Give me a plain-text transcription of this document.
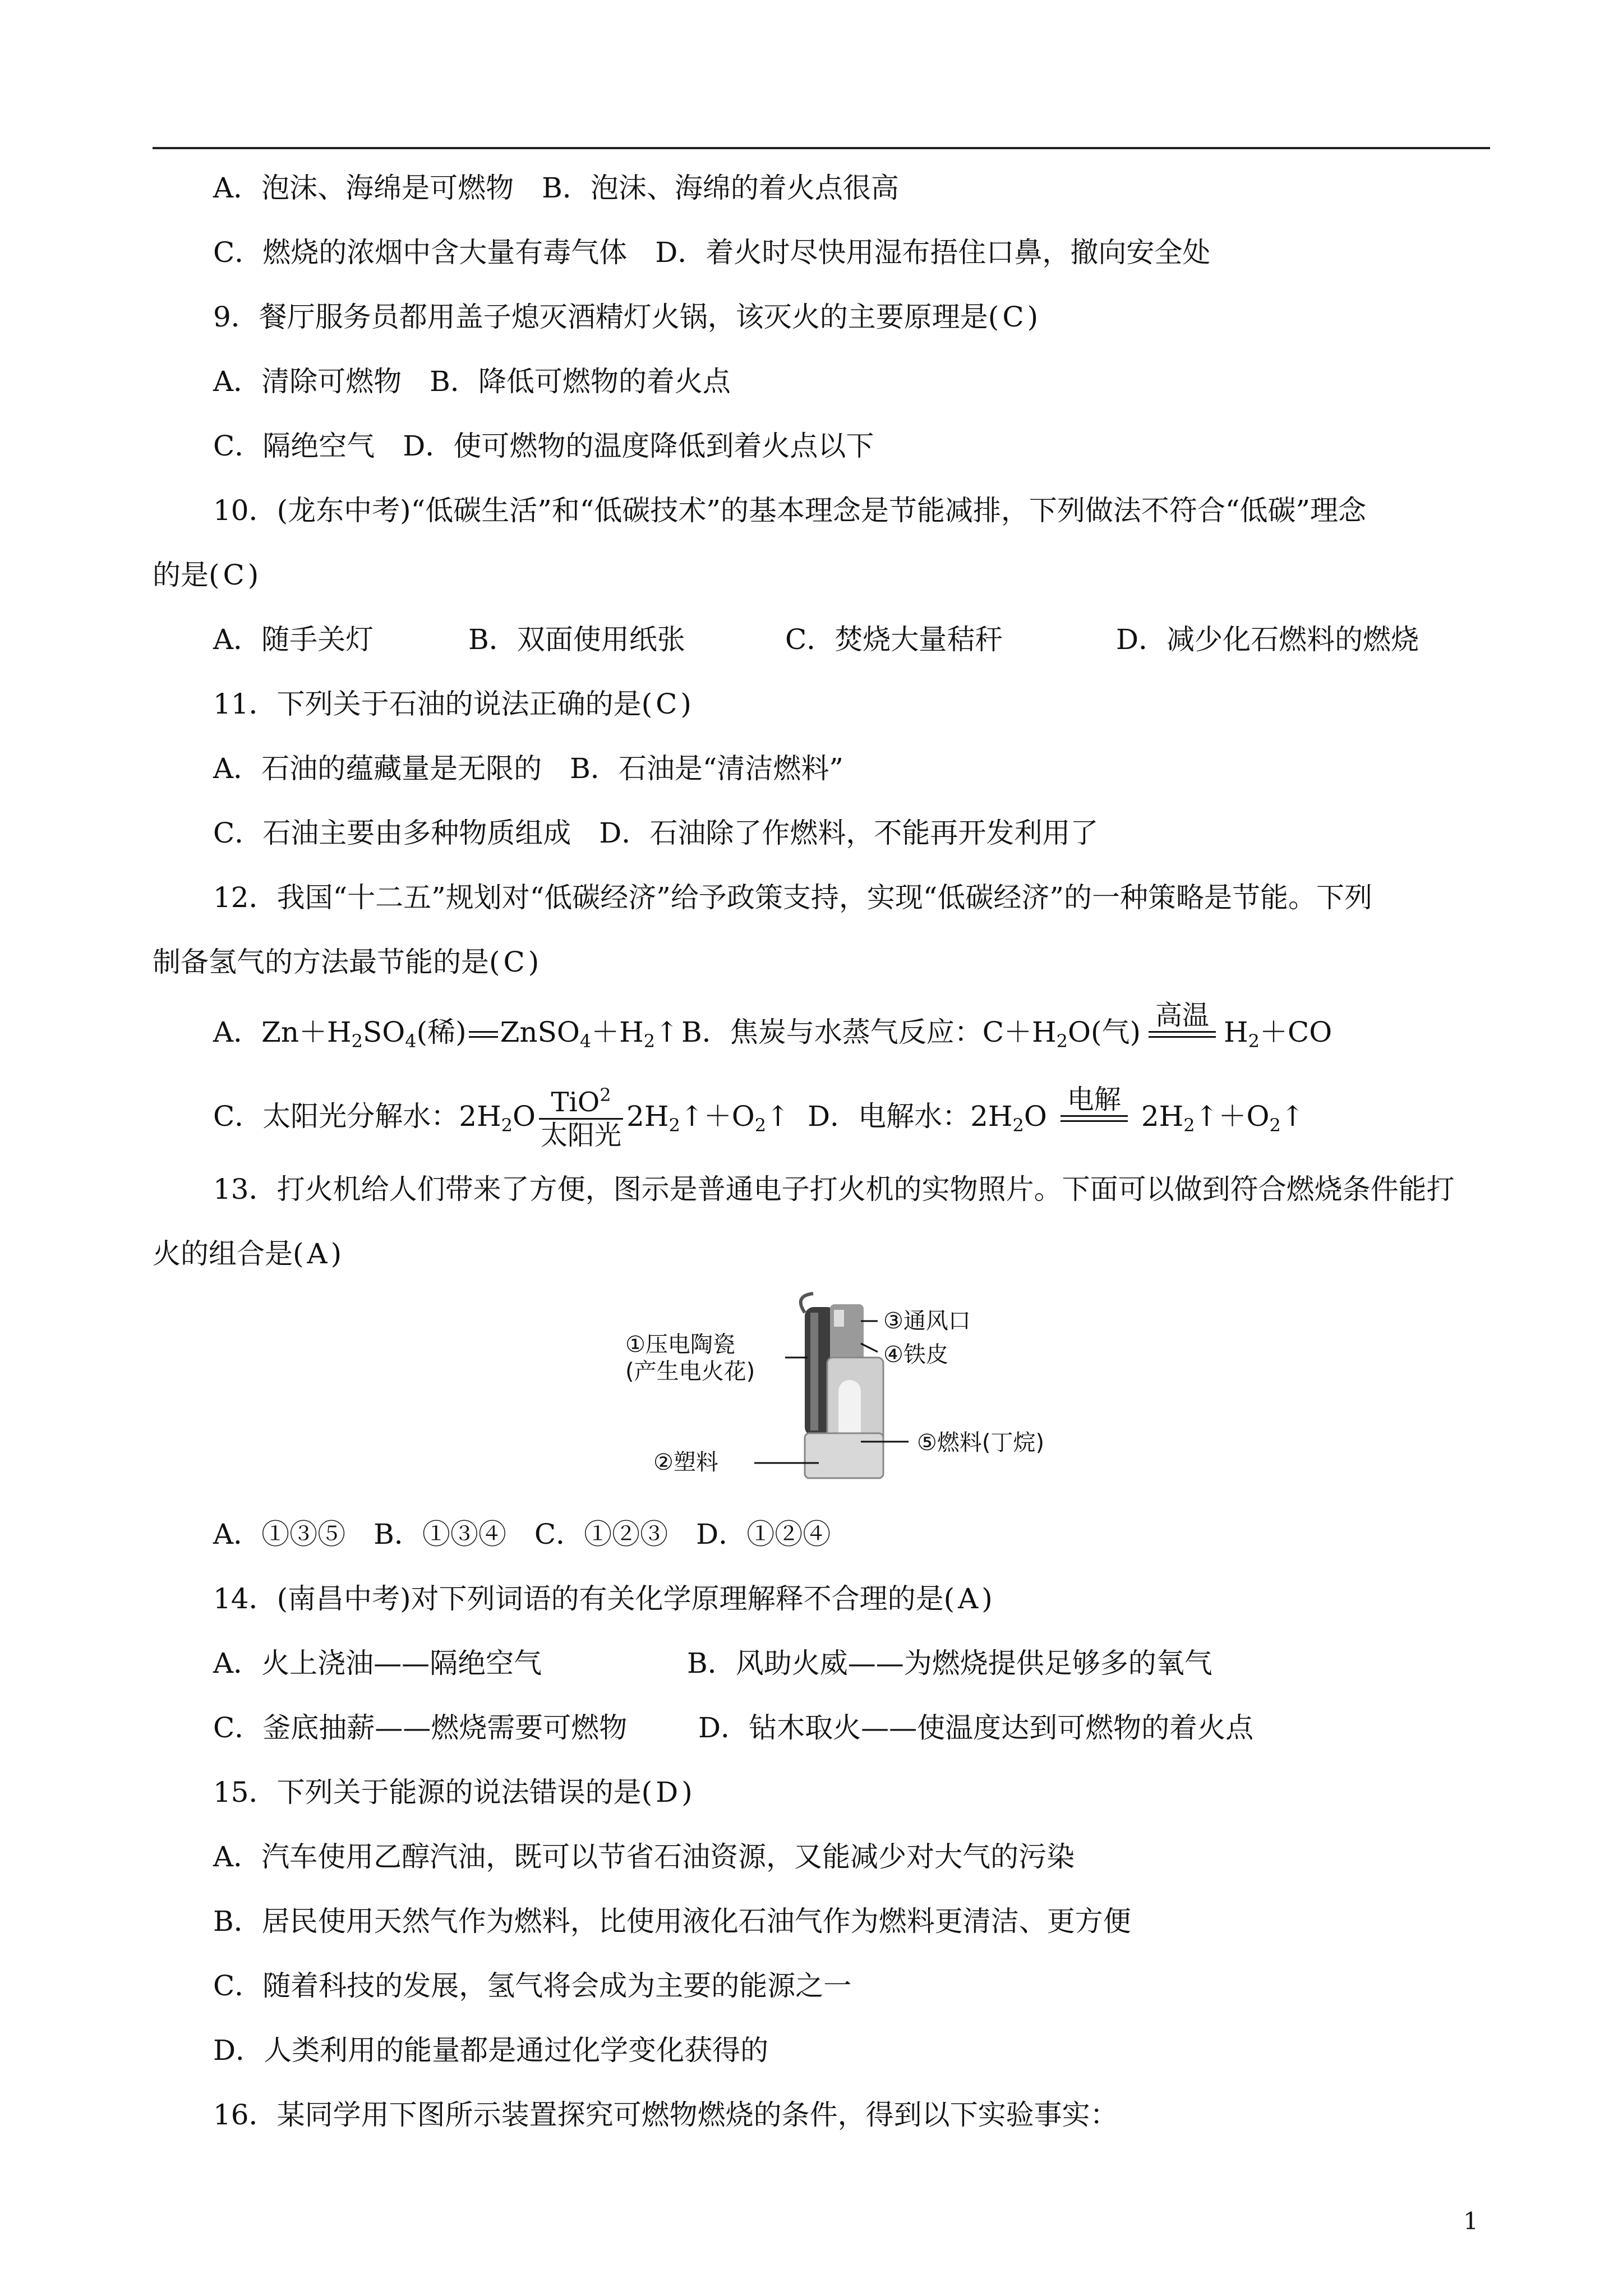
A．泡沫、海绵是可燃物　B．泡沫、海绵的着火点很高
C．燃烧的浓烟中含大量有毒气体　D．着火时尽快用湿布捂住口鼻，撤向安全处
9．餐厅服务员都用盖子熄灭酒精灯火锅，该灭火的主要原理是( C )
A．清除可燃物　B．降低可燃物的着火点
C．隔绝空气　D．使可燃物的温度降低到着火点以下
10．(龙东中考)“低碳生活”和“低碳技术”的基本理念是节能减排，下列做法不符合“低碳”理念
的是( C )
A．随手关灯	B．双面使用纸张	C．焚烧大量秸秆	D．减少化石燃料的燃烧
11．下列关于石油的说法正确的是( C )
A．石油的蕴藏量是无限的　B．石油是“清洁燃料”
C．石油主要由多种物质组成　D．石油除了作燃料，不能再开发利用了
12．我国“十二五”规划对“低碳经济”给予政策支持，实现“低碳经济”的一种策略是节能。下列
制备氢气的方法最节能的是( C )
A．$Zn+H_2SO_4$(稀) $ZnSO_4+H_2↑$ B．焦炭与水蒸气反应：$C+H_2O$(气)
高温

$H_2+CO$
C．太阳光分解水：$2H_2O$ TiO$^2$
太阳光
$2H_2↑+O_2↑$ D．电解水：$2H_2O$
电解

$2H_2↑+O_2↑$
13．打火机给人们带来了方便，图示是普通电子打火机的实物照片。下面可以做到符合燃烧条件能打
火的组合是( A )
③通风口
④铁皮
①压电陶瓷
(产生电火花)
②塑料
⑤燃料(丁烷)
A．①③⑤　B．①③④　C．①②③　D．①②④
14．(南昌中考)对下列词语的有关化学原理解释不合理的是( A )
A．火上浇油——隔绝空气	B．风助火威——为燃烧提供足够多的氧气
C．釜底抽薪——燃烧需要可燃物	D．钻木取火——使温度达到可燃物的着火点
15．下列关于能源的说法错误的是( D )
A．汽车使用乙醇汽油，既可以节省石油资源，又能减少对大气的污染
B．居民使用天然气作为燃料，比使用液化石油气作为燃料更清洁、更方便
C．随着科技的发展，氢气将会成为主要的能源之一
D．人类利用的能量都是通过化学变化获得的
16．某同学用下图所示装置探究可燃物燃烧的条件，得到以下实验事实：
1
